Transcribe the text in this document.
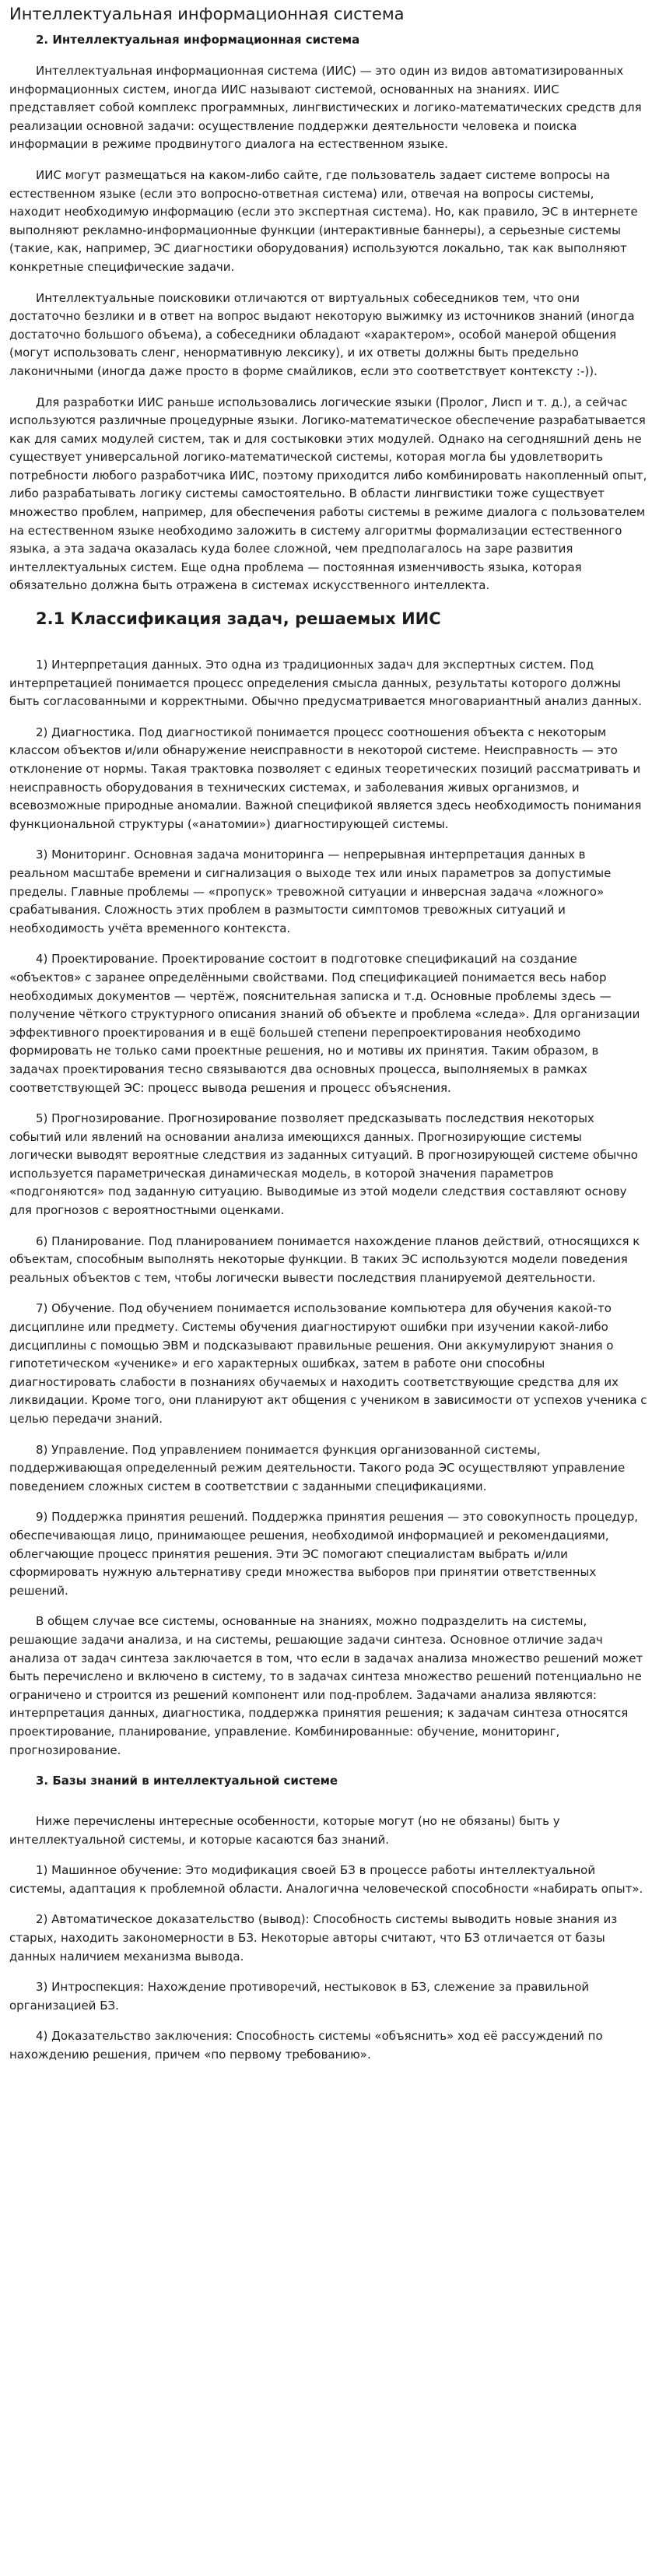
Интеллектуальная информационная система
2. Интеллектуальная информационная система

Интеллектуальная информационная система (ИИС) — это один из видов автоматизированных информационных систем, иногда ИИС называют системой, основанных на знаниях. ИИС представляет собой комплекс программных, лингвистических и логико-математических средств для реализации основной задачи: осуществление поддержки деятельности человека и поиска информации в режиме продвинутого диалога на естественном языке.

ИИС могут размещаться на каком-либо сайте, где пользователь задает системе вопросы на естественном языке (если это вопросно-ответная система) или, отвечая на вопросы системы, находит необходимую информацию (если это экспертная система). Но, как правило, ЭС в интернете выполняют рекламно-информационные функции (интерактивные баннеры), а серьезные системы (такие, как, например, ЭС диагностики оборудования) используются локально, так как выполняют конкретные специфические задачи.

Интеллектуальные поисковики отличаются от виртуальных собеседников тем, что они достаточно безлики и в ответ на вопрос выдают некоторую выжимку из источников знаний (иногда достаточно большого объема), а собеседники обладают «характером», особой манерой общения (могут использовать сленг, ненормативную лексику), и их ответы должны быть предельно лаконичными (иногда даже просто в форме смайликов, если это соответствует контексту :-)).

Для разработки ИИС раньше использовались логические языки (Пролог, Лисп и т. д.), а сейчас используются различные процедурные языки. Логико-математическое обеспечение разрабатывается как для самих модулей систем, так и для состыковки этих модулей. Однако на сегодняшний день не существует универсальной логико-математической системы, которая могла бы удовлетворить потребности любого разработчика ИИС, поэтому приходится либо комбинировать накопленный опыт, либо разрабатывать логику системы самостоятельно. В области лингвистики тоже существует множество проблем, например, для обеспечения работы системы в режиме диалога с пользователем на естественном языке необходимо заложить в систему алгоритмы формализации естественного языка, а эта задача оказалась куда более сложной, чем предполагалось на заре развития интеллектуальных систем. Еще одна проблема — постоянная изменчивость языка, которая обязательно должна быть отражена в системах искусственного интеллекта.

2.1 Классификация задач, решаемых ИИС

1) Интерпретация данных. Это одна из традиционных задач для экспертных систем. Под интерпретацией понимается процесс определения смысла данных, результаты которого должны быть согласованными и корректными. Обычно предусматривается многовариантный анализ данных.

2) Диагностика. Под диагностикой понимается процесс соотношения объекта с некоторым классом объектов и/или обнаружение неисправности в некоторой системе. Неисправность — это отклонение от нормы. Такая трактовка позволяет с единых теоретических позиций рассматривать и неисправность оборудования в технических системах, и заболевания живых организмов, и всевозможные природные аномалии. Важной спецификой является здесь необходимость понимания функциональной структуры («анатомии») диагностирующей системы.

3) Мониторинг. Основная задача мониторинга — непрерывная интерпретация данных в реальном масштабе времени и сигнализация о выходе тех или иных параметров за допустимые пределы. Главные проблемы — «пропуск» тревожной ситуации и инверсная задача «ложного» срабатывания. Сложность этих проблем в размытости симптомов тревожных ситуаций и необходимость учёта временного контекста.

4) Проектирование. Проектирование состоит в подготовке спецификаций на создание «объектов» с заранее определёнными свойствами. Под спецификацией понимается весь набор необходимых документов — чертёж, пояснительная записка и т.д. Основные проблемы здесь — получение чёткого структурного описания знаний об объекте и проблема «следа». Для организации эффективного проектирования и в ещё большей степени перепроектирования необходимо формировать не только сами проектные решения, но и мотивы их принятия. Таким образом, в задачах проектирования тесно связываются два основных процесса, выполняемых в рамках соответствующей ЭС: процесс вывода решения и процесс объяснения.

5) Прогнозирование. Прогнозирование позволяет предсказывать последствия некоторых событий или явлений на основании анализа имеющихся данных. Прогнозирующие системы логически выводят вероятные следствия из заданных ситуаций. В прогнозирующей системе обычно используется параметрическая динамическая модель, в которой значения параметров «подгоняются» под заданную ситуацию. Выводимые из этой модели следствия составляют основу для прогнозов с вероятностными оценками.

6) Планирование. Под планированием понимается нахождение планов действий, относящихся к объектам, способным выполнять некоторые функции. В таких ЭС используются модели поведения реальных объектов с тем, чтобы логически вывести последствия планируемой деятельности.

7) Обучение. Под обучением понимается использование компьютера для обучения какой-то дисциплине или предмету. Системы обучения диагностируют ошибки при изучении какой-либо дисциплины с помощью ЭВМ и подсказывают правильные решения. Они аккумулируют знания о гипотетическом «ученике» и его характерных ошибках, затем в работе они способны диагностировать слабости в познаниях обучаемых и находить соответствующие средства для их ликвидации. Кроме того, они планируют акт общения с учеником в зависимости от успехов ученика с целью передачи знаний.

8) Управление. Под управлением понимается функция организованной системы, поддерживающая определенный режим деятельности. Такого рода ЭС осуществляют управление поведением сложных систем в соответствии с заданными спецификациями.

9) Поддержка принятия решений. Поддержка принятия решения — это совокупность процедур, обеспечивающая лицо, принимающее решения, необходимой информацией и рекомендациями, облегчающие процесс принятия решения. Эти ЭС помогают специалистам выбрать и/или сформировать нужную альтернативу среди множества выборов при принятии ответственных решений.

В общем случае все системы, основанные на знаниях, можно подразделить на системы, решающие задачи анализа, и на системы, решающие задачи синтеза. Основное отличие задач анализа от задач синтеза заключается в том, что если в задачах анализа множество решений может быть перечислено и включено в систему, то в задачах синтеза множество решений потенциально не ограничено и строится из решений компонент или под-проблем. Задачами анализа являются: интерпретация данных, диагностика, поддержка принятия решения; к задачам синтеза относятся проектирование, планирование, управление. Комбинированные: обучение, мониторинг, прогнозирование.

3. Базы знаний в интеллектуальной системе

Ниже перечислены интересные особенности, которые могут (но не обязаны) быть у интеллектуальной системы, и которые касаются баз знаний.

1) Машинное обучение: Это модификация своей БЗ в процессе работы интеллектуальной системы, адаптация к проблемной области. Аналогична человеческой способности «набирать опыт».

2) Автоматическое доказательство (вывод): Способность системы выводить новые знания из старых, находить закономерности в БЗ. Некоторые авторы считают, что БЗ отличается от базы данных наличием механизма вывода.

3) Интроспекция: Нахождение противоречий, нестыковок в БЗ, слежение за правильной организацией БЗ.

4) Доказательство заключения: Способность системы «объяснить» ход её рассуждений по нахождению решения, причем «по первому требованию».
